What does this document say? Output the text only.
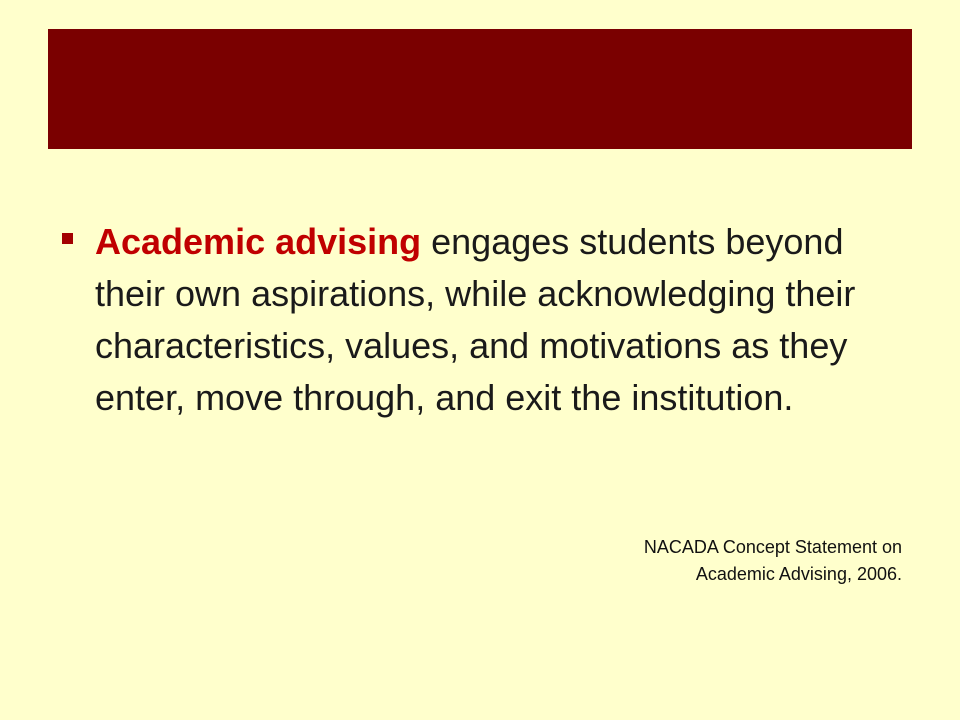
Academic advising engages students beyond their own aspirations, while acknowledging their characteristics, values, and motivations as they enter, move through, and exit the institution.

NACADA Concept Statement on
Academic Advising, 2006.
